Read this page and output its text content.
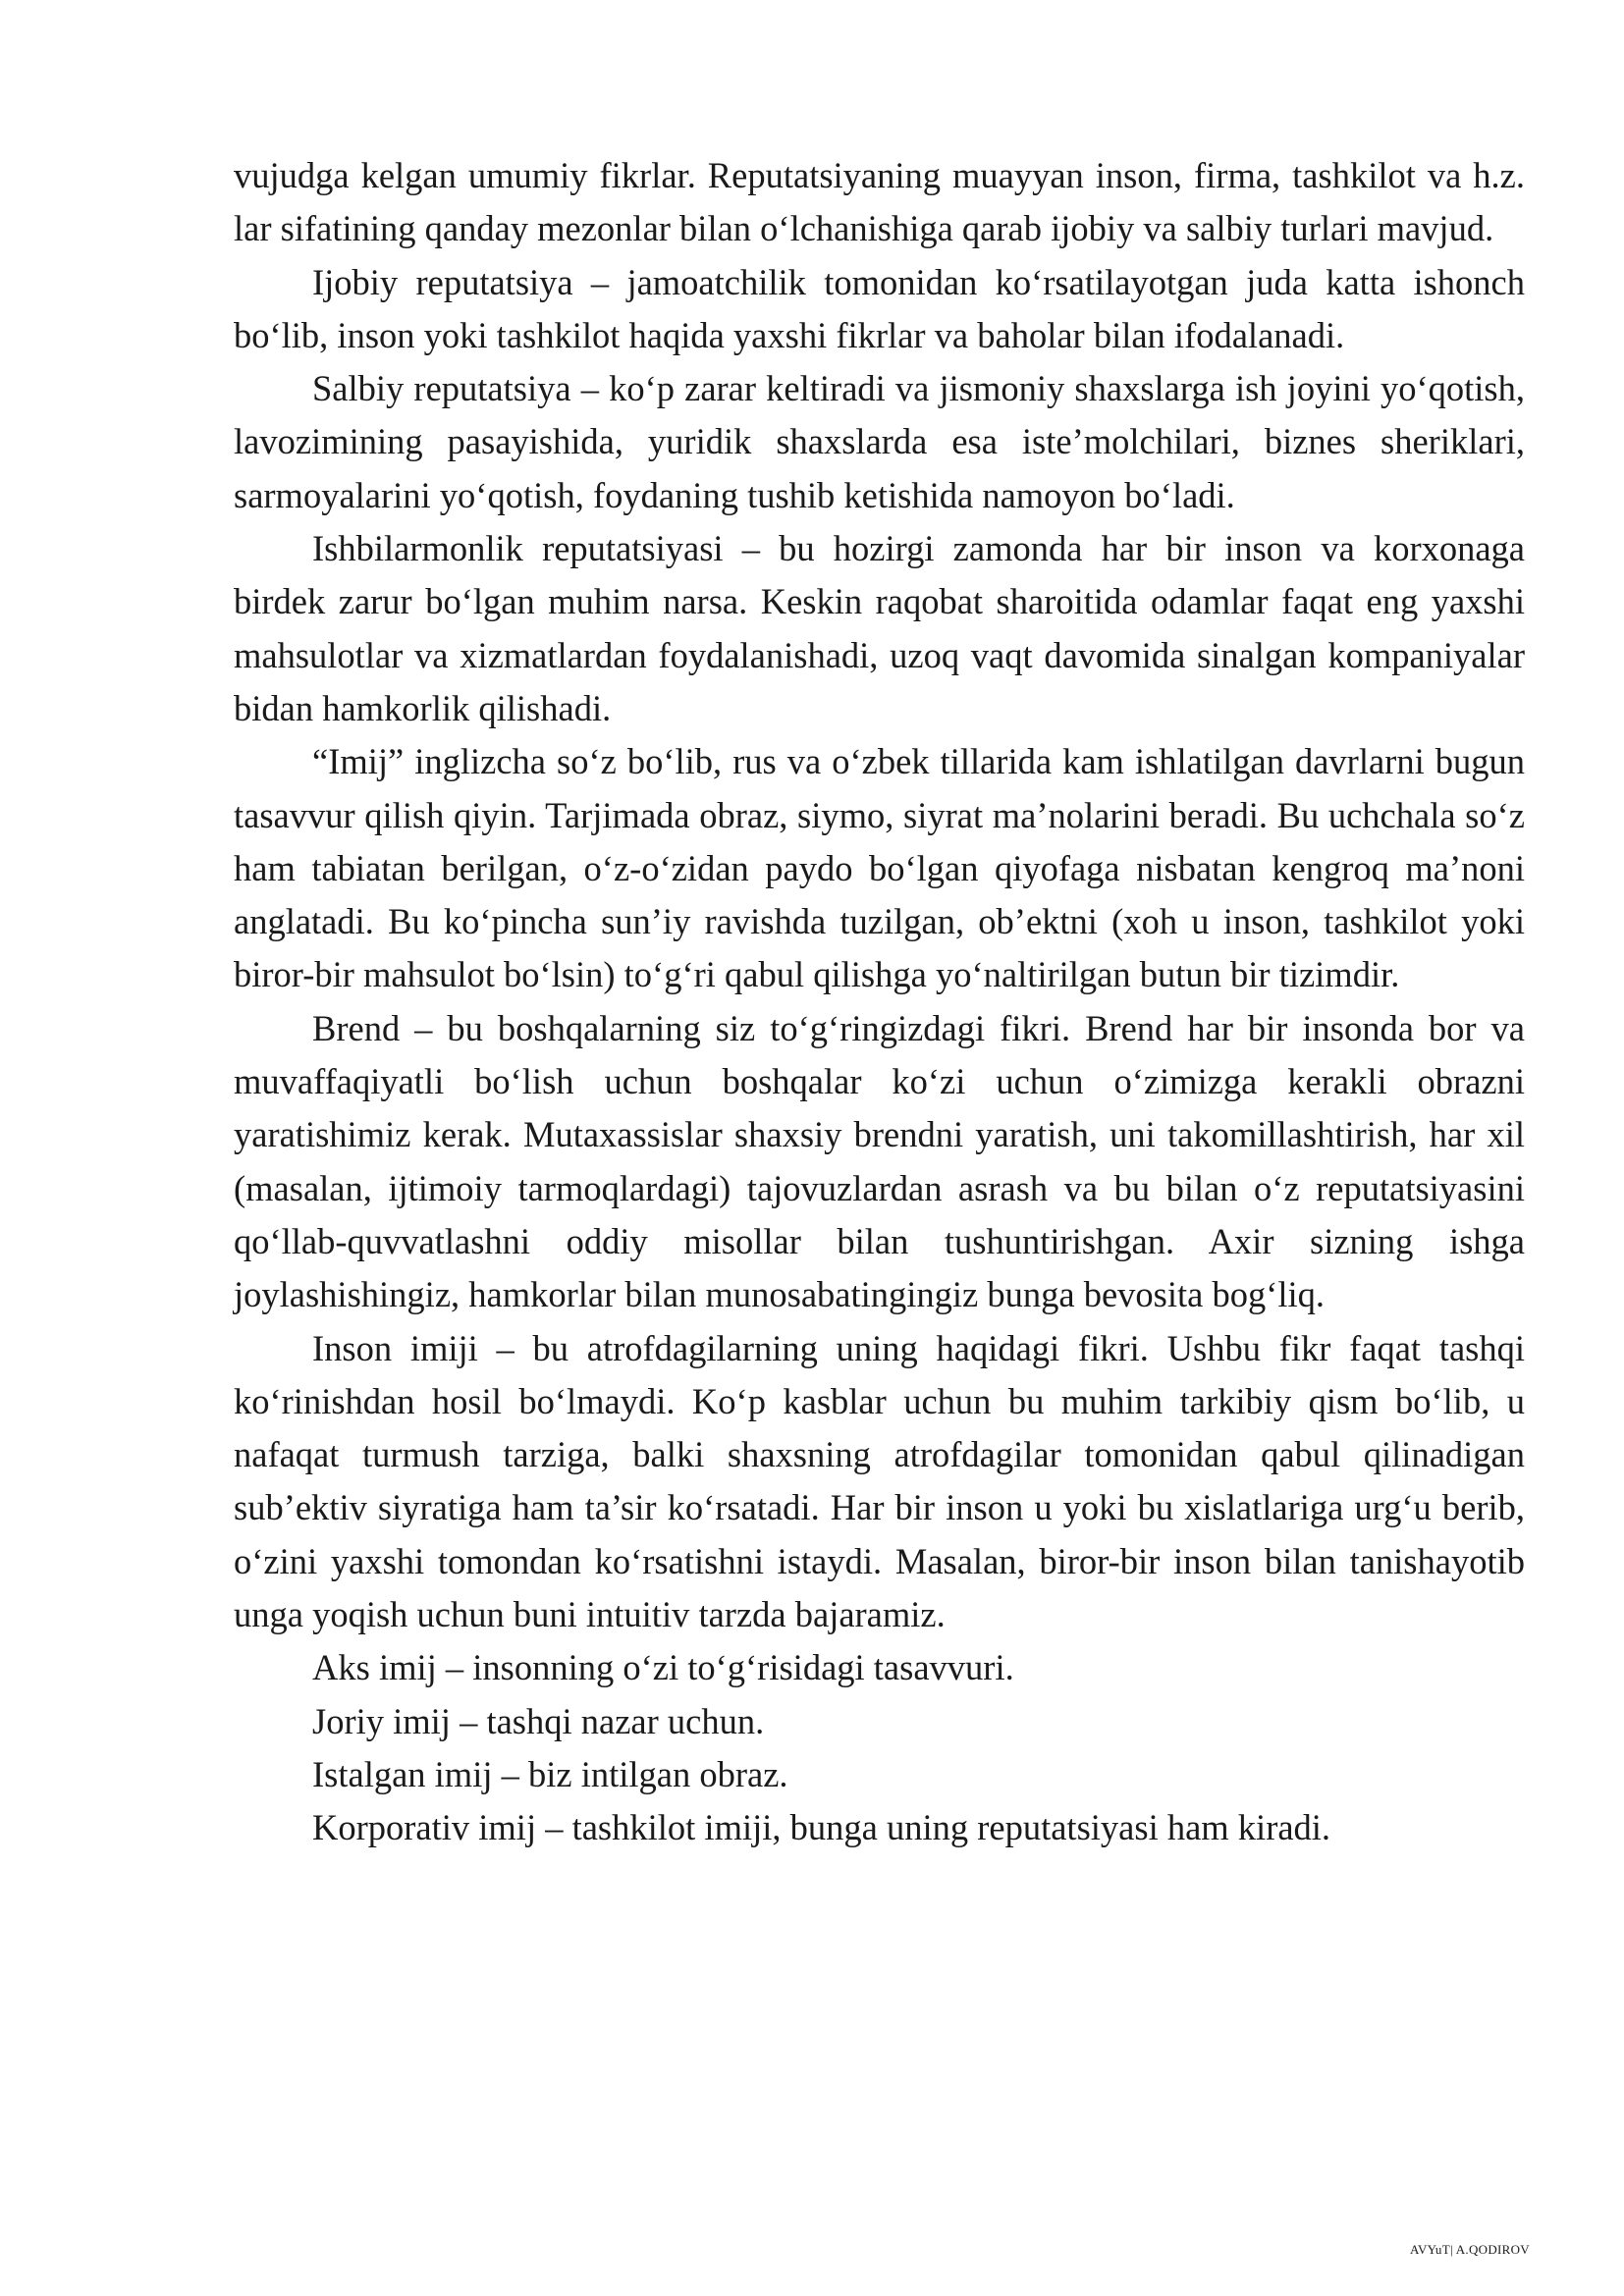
vujudga kelgan umumiy fikrlar. Reputatsiyaning muayyan inson, firma, tashkilot va h.z. lar sifatining qanday mezonlar bilan o‘lchanishiga qarab ijobiy va salbiy turlari mavjud.

Ijobiy reputatsiya – jamoatchilik tomonidan ko‘rsatilayotgan juda katta ishonch bo‘lib, inson yoki tashkilot haqida yaxshi fikrlar va baholar bilan ifodalanadi.

Salbiy reputatsiya – ko‘p zarar keltiradi va jismoniy shaxslarga ish joyini yo‘qotish, lavozimining pasayishida, yuridik shaxslarda esa iste’molchilari, biznes sheriklari, sarmoyalarini yo‘qotish, foydaning tushib ketishida namoyon bo‘ladi.

Ishbilarmonlik reputatsiyasi – bu hozirgi zamonda har bir inson va korxonaga birdek zarur bo‘lgan muhim narsa. Keskin raqobat sharoitida odamlar faqat eng yaxshi mahsulotlar va xizmatlardan foydalanishadi, uzoq vaqt davomida sinalgan kompaniyalar bidan hamkorlik qilishadi.

“Imij” inglizcha so‘z bo‘lib, rus va o‘zbek tillarida kam ishlatilgan davrlarni bugun tasavvur qilish qiyin. Tarjimada obraz, siymo, siyrat ma’nolarini beradi. Bu uchchala so‘z ham tabiatan berilgan, o‘z-o‘zidan paydo bo‘lgan qiyofaga nisbatan kengroq ma’noni anglatadi. Bu ko‘pincha sun’iy ravishda tuzilgan, ob’ektni (xoh u inson, tashkilot yoki biror-bir mahsulot bo‘lsin) to‘g‘ri qabul qilishga yo‘naltirilgan butun bir tizimdir.

Brend – bu boshqalarning siz to‘g‘ringizdagi fikri. Brend har bir insonda bor va muvaffaqiyatli bo‘lish uchun boshqalar ko‘zi uchun o‘zimizga kerakli obrazni yaratishimiz kerak. Mutaxassislar shaxsiy brendni yaratish, uni takomillashtirish, har xil (masalan, ijtimoiy tarmoqlardagi) tajovuzlardan asrash va bu bilan o‘z reputatsiyasini qo‘llab-quvvatlashni oddiy misollar bilan tushuntirishgan. Axir sizning ishga joylashishingiz, hamkorlar bilan munosabatingingiz bunga bevosita bog‘liq.

Inson imiji – bu atrofdagilarning uning haqidagi fikri. Ushbu fikr faqat tashqi ko‘rinishdan hosil bo‘lmaydi. Ko‘p kasblar uchun bu muhim tarkibiy qism bo‘lib, u nafaqat turmush tarziga, balki shaxsning atrofdagilar tomonidan qabul qilinadigan sub’ektiv siyratiga ham ta’sir ko‘rsatadi. Har bir inson u yoki bu xislatlariga urg‘u berib, o‘zini yaxshi tomondan ko‘rsatishni istaydi. Masalan, biror-bir inson bilan tanishayotib unga yoqish uchun buni intuitiv tarzda bajaramiz.

Aks imij – insonning o‘zi to‘g‘risidagi tasavvuri.

Joriy imij – tashqi nazar uchun.

Istalgan imij – biz intilgan obraz.

Korporativ imij – tashkilot imiji, bunga uning reputatsiyasi ham kiradi.

AVYuT| A.QODIROV
